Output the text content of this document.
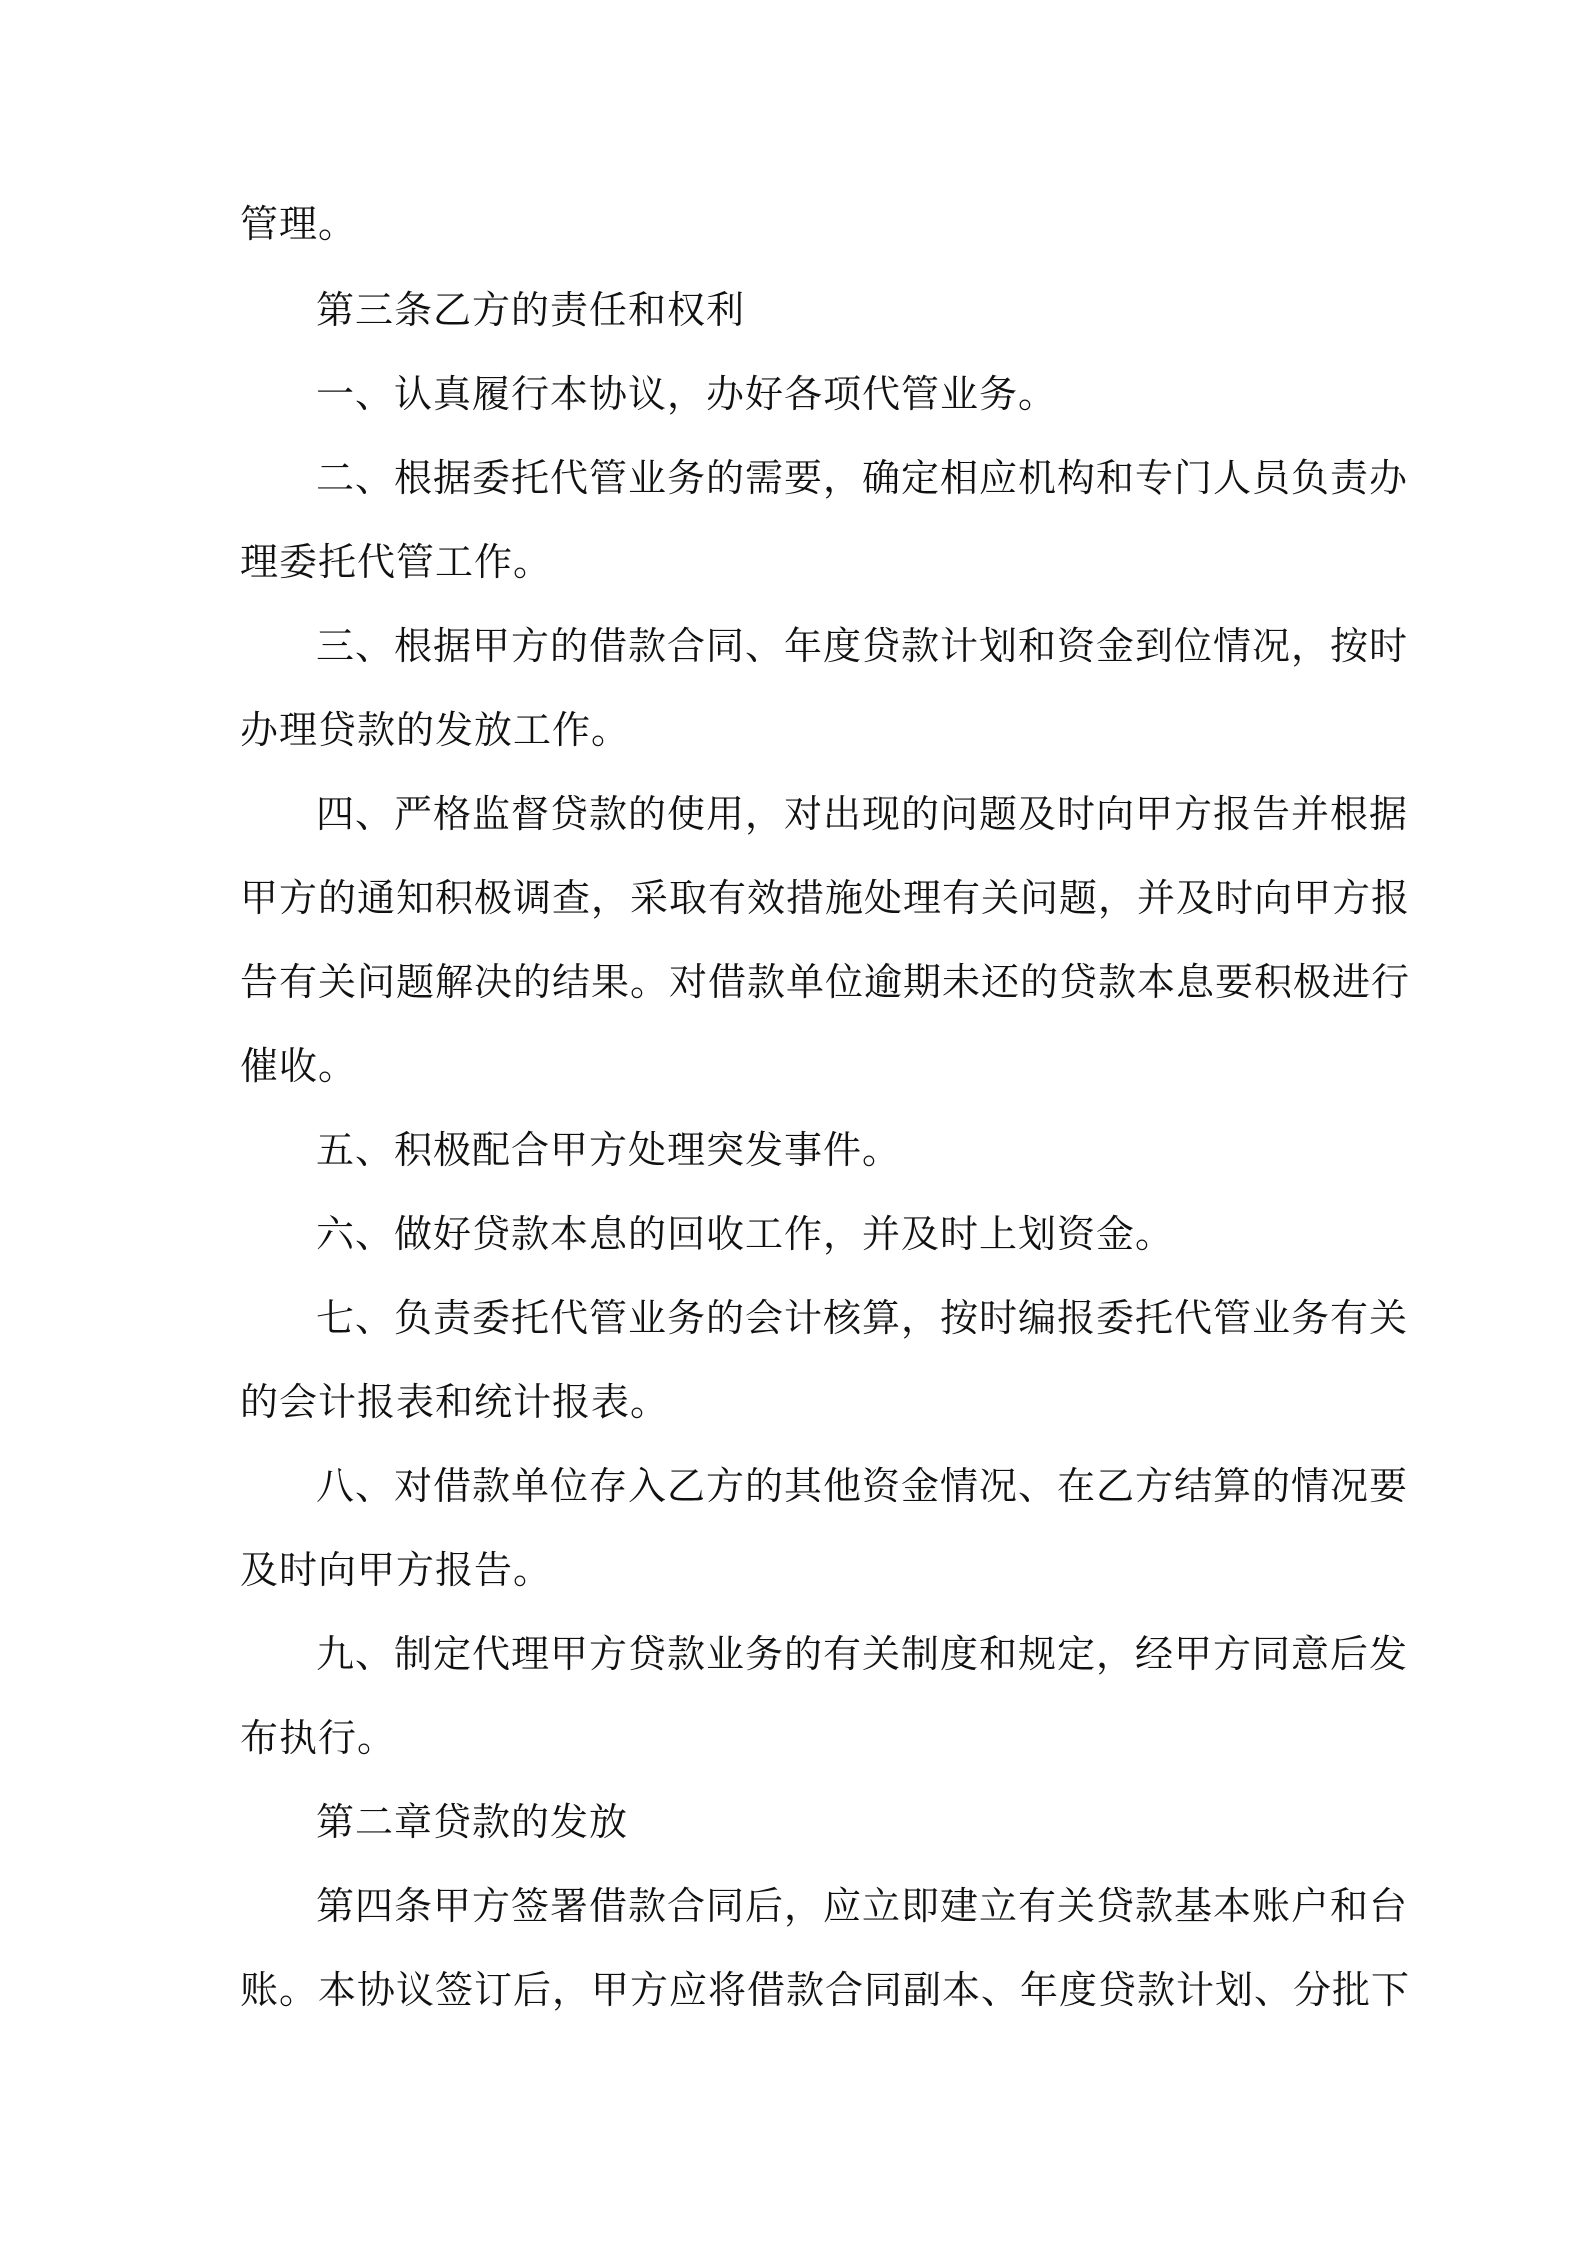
管理。
第三条乙方的责任和权利
一、认真履行本协议，办好各项代管业务。
二、根据委托代管业务的需要，确定相应机构和专门人员负责办
理委托代管工作。
三、根据甲方的借款合同、年度贷款计划和资金到位情况，按时
办理贷款的发放工作。
四、严格监督贷款的使用，对出现的问题及时向甲方报告并根据
甲方的通知积极调查，采取有效措施处理有关问题，并及时向甲方报
告有关问题解决的结果。对借款单位逾期未还的贷款本息要积极进行
催收。
五、积极配合甲方处理突发事件。
六、做好贷款本息的回收工作，并及时上划资金。
七、负责委托代管业务的会计核算，按时编报委托代管业务有关
的会计报表和统计报表。
八、对借款单位存入乙方的其他资金情况、在乙方结算的情况要
及时向甲方报告。
九、制定代理甲方贷款业务的有关制度和规定，经甲方同意后发
布执行。
第二章贷款的发放
第四条甲方签署借款合同后，应立即建立有关贷款基本账户和台
账。本协议签订后，甲方应将借款合同副本、年度贷款计划、分批下
